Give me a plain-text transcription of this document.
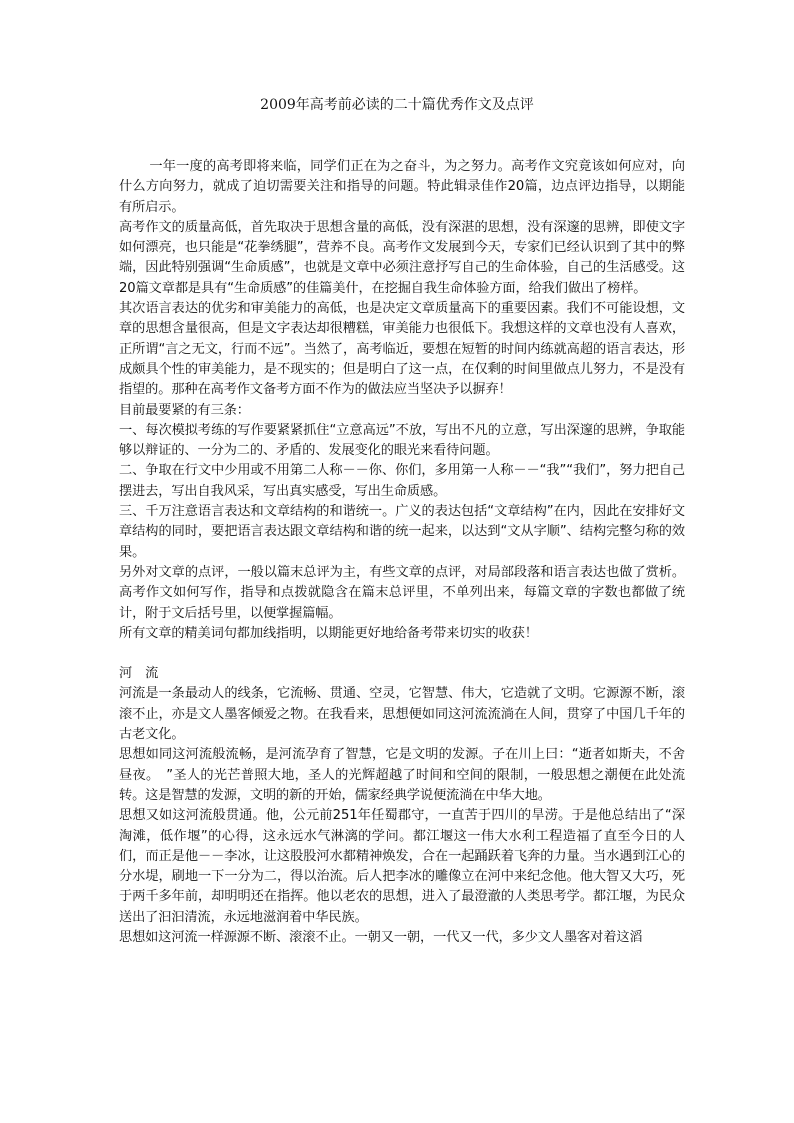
2009年高考前必读的二十篇优秀作文及点评

一年一度的高考即将来临，同学们正在为之奋斗，为之努力。高考作文究竟该如何应对，向什么方向努力，就成了迫切需要关注和指导的问题。特此辑录佳作20篇，边点评边指导，以期能有所启示。

高考作文的质量高低，首先取决于思想含量的高低，没有深湛的思想，没有深邃的思辨，即使文字如何漂亮，也只能是“花拳绣腿”，营养不良。高考作文发展到今天，专家们已经认识到了其中的弊端，因此特别强调“生命质感”，也就是文章中必须注意抒写自己的生命体验，自己的生活感受。这20篇文章都是具有“生命质感”的佳篇美什，在挖掘自我生命体验方面，给我们做出了榜样。

其次语言表达的优劣和审美能力的高低，也是决定文章质量高下的重要因素。我们不可能设想，文章的思想含量很高，但是文字表达却很糟糕，审美能力也很低下。我想这样的文章也没有人喜欢，正所谓“言之无文，行而不远”。当然了，高考临近，要想在短暂的时间内练就高超的语言表达，形成颇具个性的审美能力，是不现实的；但是明白了这一点，在仅剩的时间里做点儿努力，不是没有指望的。那种在高考作文备考方面不作为的做法应当坚决予以摒弃！

目前最要紧的有三条：

一、每次模拟考练的写作要紧紧抓住“立意高远”不放，写出不凡的立意，写出深邃的思辨，争取能够以辩证的、一分为二的、矛盾的、发展变化的眼光来看待问题。

二、争取在行文中少用或不用第二人称－－你、你们，多用第一人称－－“我”“我们”，努力把自己摆进去，写出自我风采，写出真实感受，写出生命质感。

三、千万注意语言表达和文章结构的和谐统一。广义的表达包括“文章结构”在内，因此在安排好文章结构的同时，要把语言表达跟文章结构和谐的统一起来，以达到“文从字顺”、结构完整匀称的效果。

另外对文章的点评，一般以篇末总评为主，有些文章的点评，对局部段落和语言表达也做了赏析。高考作文如何写作，指导和点拨就隐含在篇末总评里，不单列出来，每篇文章的字数也都做了统计，附于文后括号里，以便掌握篇幅。

所有文章的精美词句都加线指明，以期能更好地给备考带来切实的收获！

河　流

河流是一条最动人的线条，它流畅、贯通、空灵，它智慧、伟大，它造就了文明。它源源不断，滚滚不止，亦是文人墨客倾爱之物。在我看来，思想便如同这河流流淌在人间，贯穿了中国几千年的古老文化。

思想如同这河流般流畅，是河流孕育了智慧，它是文明的发源。子在川上曰：“逝者如斯夫，不舍昼夜。　”圣人的光芒普照大地，圣人的光辉超越了时间和空间的限制，一般思想之潮便在此处流转。这是智慧的发源，文明的新的开始，儒家经典学说便流淌在中华大地。

思想又如这河流般贯通。他，公元前251年任蜀郡守，一直苦于四川的旱涝。于是他总结出了“深淘滩，低作堰”的心得，这永远水气淋漓的学问。都江堰这一伟大水利工程造福了直至今日的人们，而正是他－－李冰，让这股股河水都精神焕发，合在一起踊跃着飞奔的力量。当水遇到江心的分水堤，刷地一下一分为二，得以治流。后人把李冰的雕像立在河中来纪念他。他大智又大巧，死于两千多年前，却明明还在指挥。他以老农的思想，进入了最澄澈的人类思考学。都江堰，为民众送出了汩汩清流，永远地滋润着中华民族。

思想如这河流一样源源不断、滚滚不止。一朝又一朝，一代又一代，多少文人墨客对着这滔
